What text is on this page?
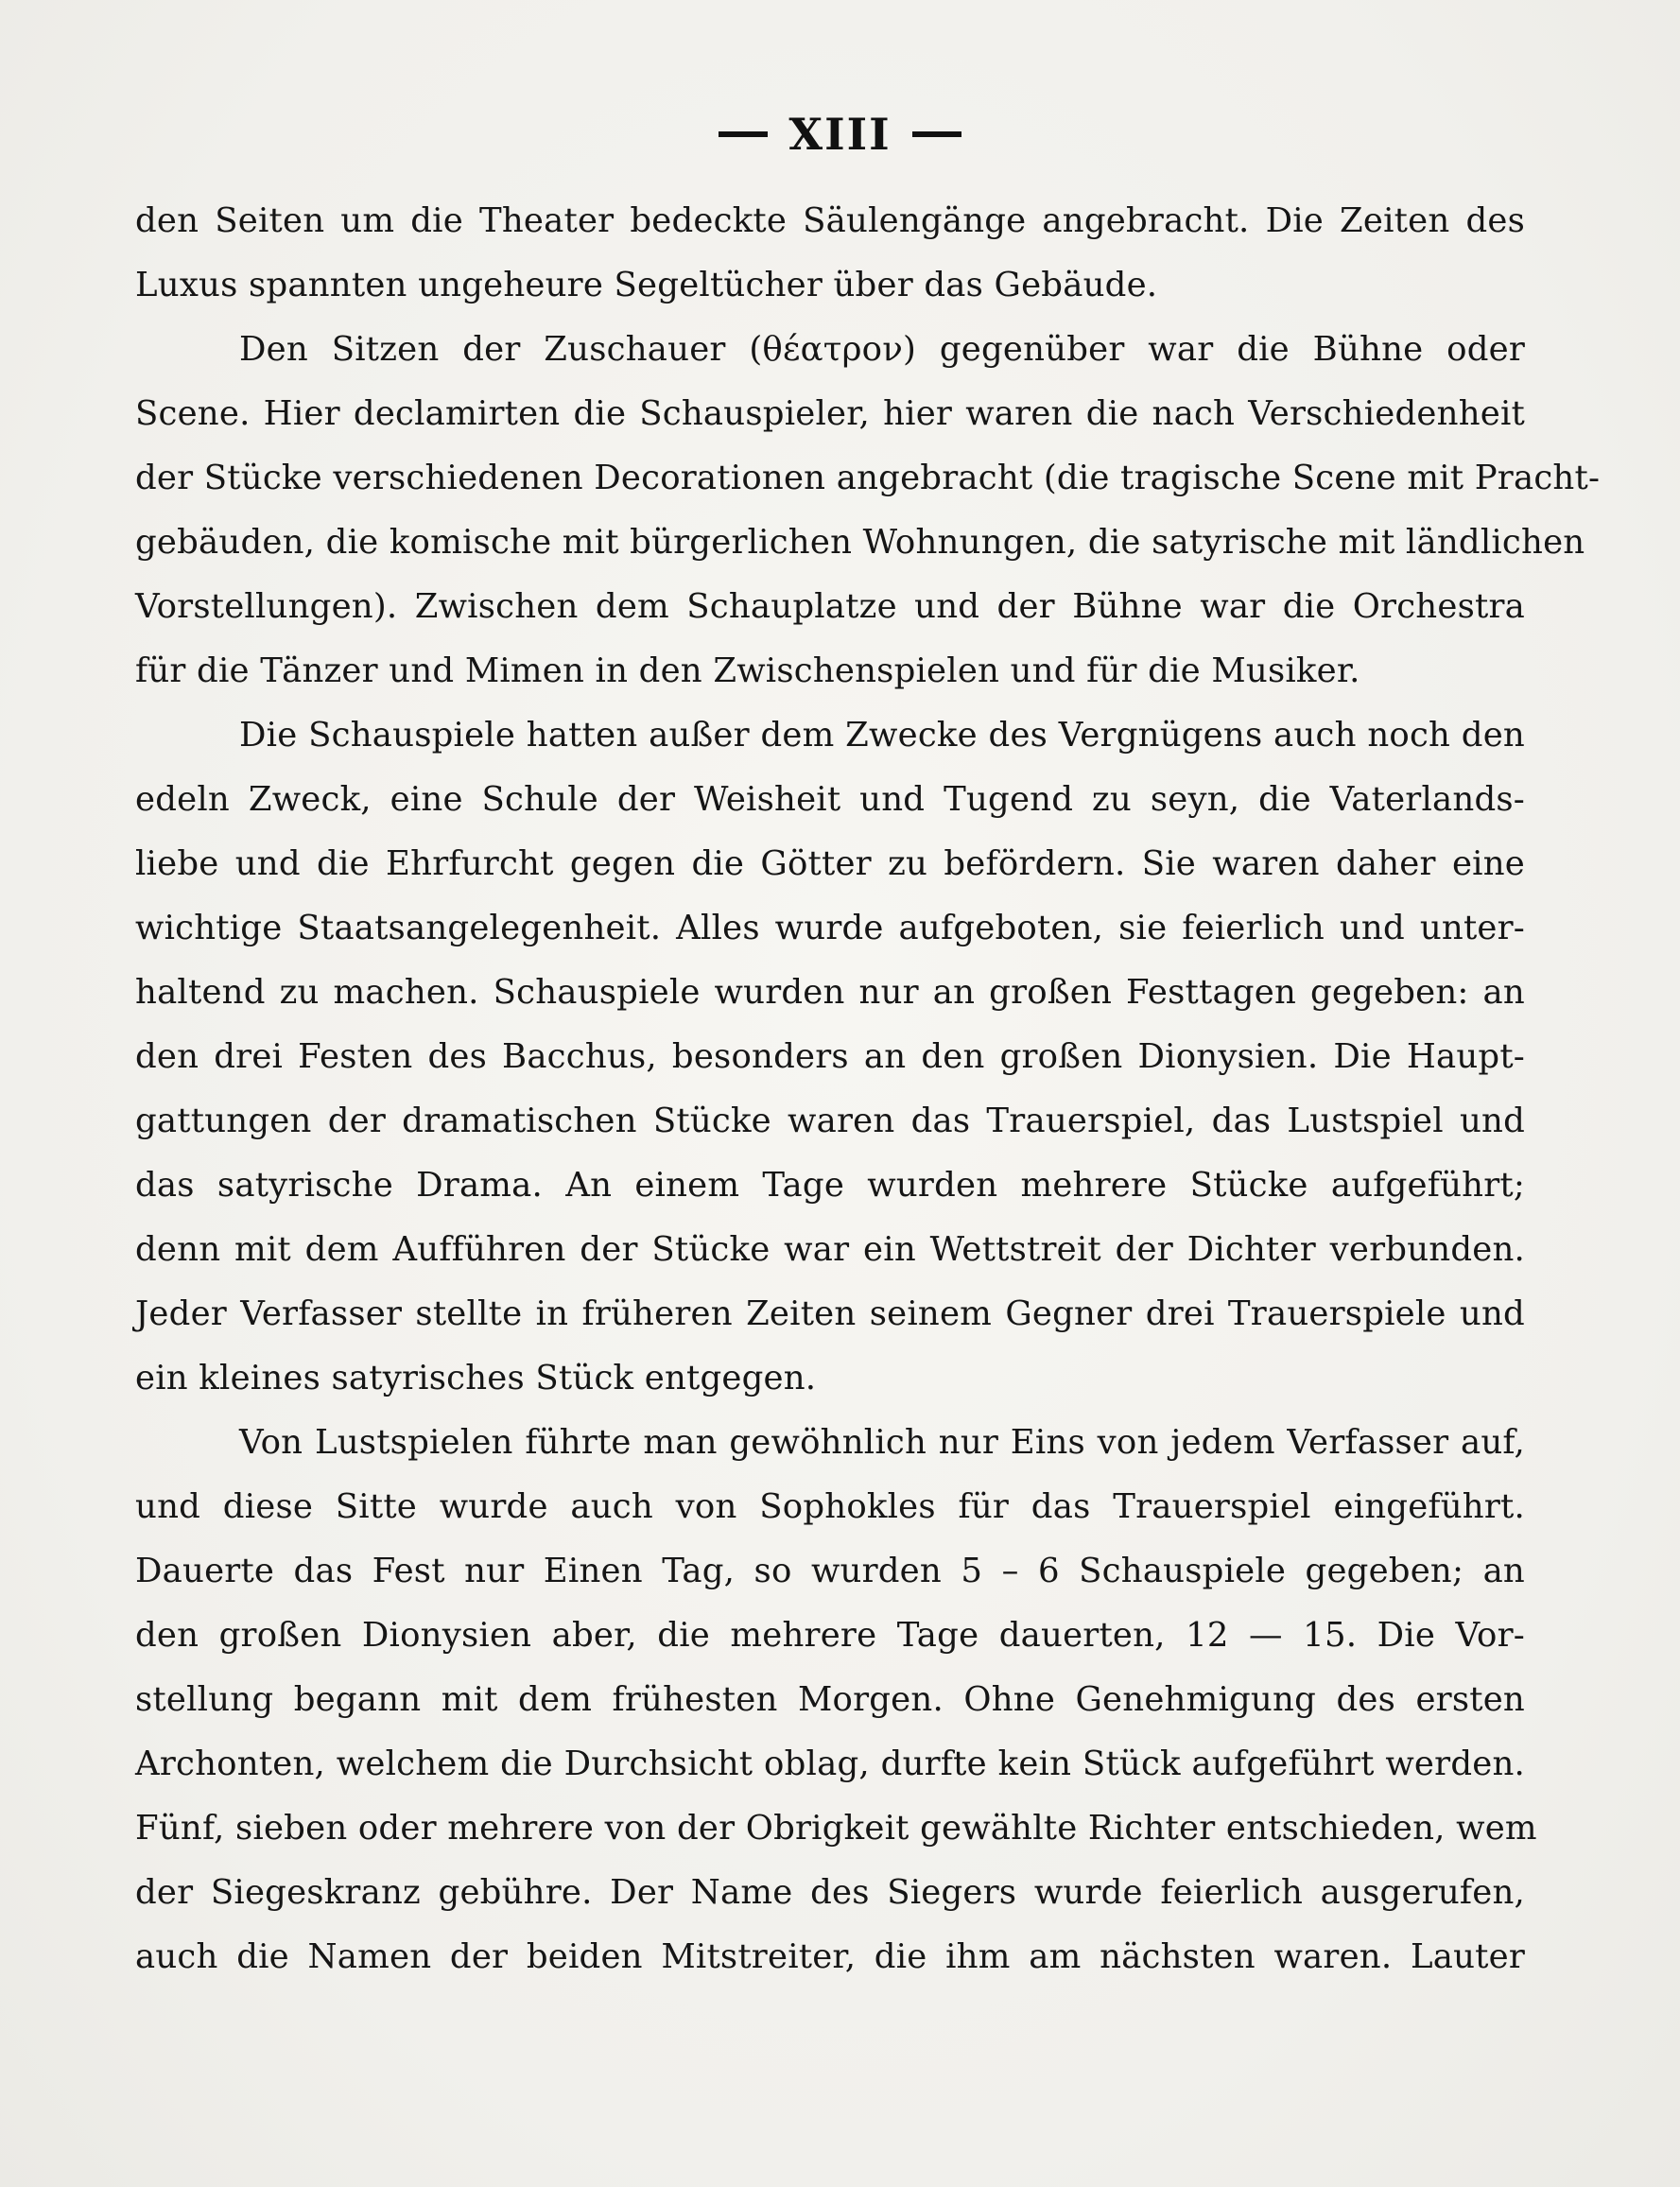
XIII
den Seiten um die Theater bedeckte Säulengänge angebracht. Die Zeiten des
Luxus spannten ungeheure Segeltücher über das Gebäude.
Den Sitzen der Zuschauer (θέατρον) gegenüber war die Bühne oder
Scene. Hier declamirten die Schauspieler, hier waren die nach Verschiedenheit
der Stücke verschiedenen Decorationen angebracht (die tragische Scene mit Pracht-
gebäuden, die komische mit bürgerlichen Wohnungen, die satyrische mit ländlichen
Vorstellungen). Zwischen dem Schauplatze und der Bühne war die Orchestra
für die Tänzer und Mimen in den Zwischenspielen und für die Musiker.
Die Schauspiele hatten außer dem Zwecke des Vergnügens auch noch den
edeln Zweck, eine Schule der Weisheit und Tugend zu seyn, die Vaterlands-
liebe und die Ehrfurcht gegen die Götter zu befördern. Sie waren daher eine
wichtige Staatsangelegenheit. Alles wurde aufgeboten, sie feierlich und unter-
haltend zu machen. Schauspiele wurden nur an großen Festtagen gegeben: an
den drei Festen des Bacchus, besonders an den großen Dionysien. Die Haupt-
gattungen der dramatischen Stücke waren das Trauerspiel, das Lustspiel und
das satyrische Drama. An einem Tage wurden mehrere Stücke aufgeführt;
denn mit dem Aufführen der Stücke war ein Wettstreit der Dichter verbunden.
Jeder Verfasser stellte in früheren Zeiten seinem Gegner drei Trauerspiele und
ein kleines satyrisches Stück entgegen.
Von Lustspielen führte man gewöhnlich nur Eins von jedem Verfasser auf,
und diese Sitte wurde auch von Sophokles für das Trauerspiel eingeführt.
Dauerte das Fest nur Einen Tag, so wurden 5 – 6 Schauspiele gegeben; an
den großen Dionysien aber, die mehrere Tage dauerten, 12 — 15. Die Vor-
stellung begann mit dem frühesten Morgen. Ohne Genehmigung des ersten
Archonten, welchem die Durchsicht oblag, durfte kein Stück aufgeführt werden.
Fünf, sieben oder mehrere von der Obrigkeit gewählte Richter entschieden, wem
der Siegeskranz gebühre. Der Name des Siegers wurde feierlich ausgerufen,
auch die Namen der beiden Mitstreiter, die ihm am nächsten waren. Lauter
